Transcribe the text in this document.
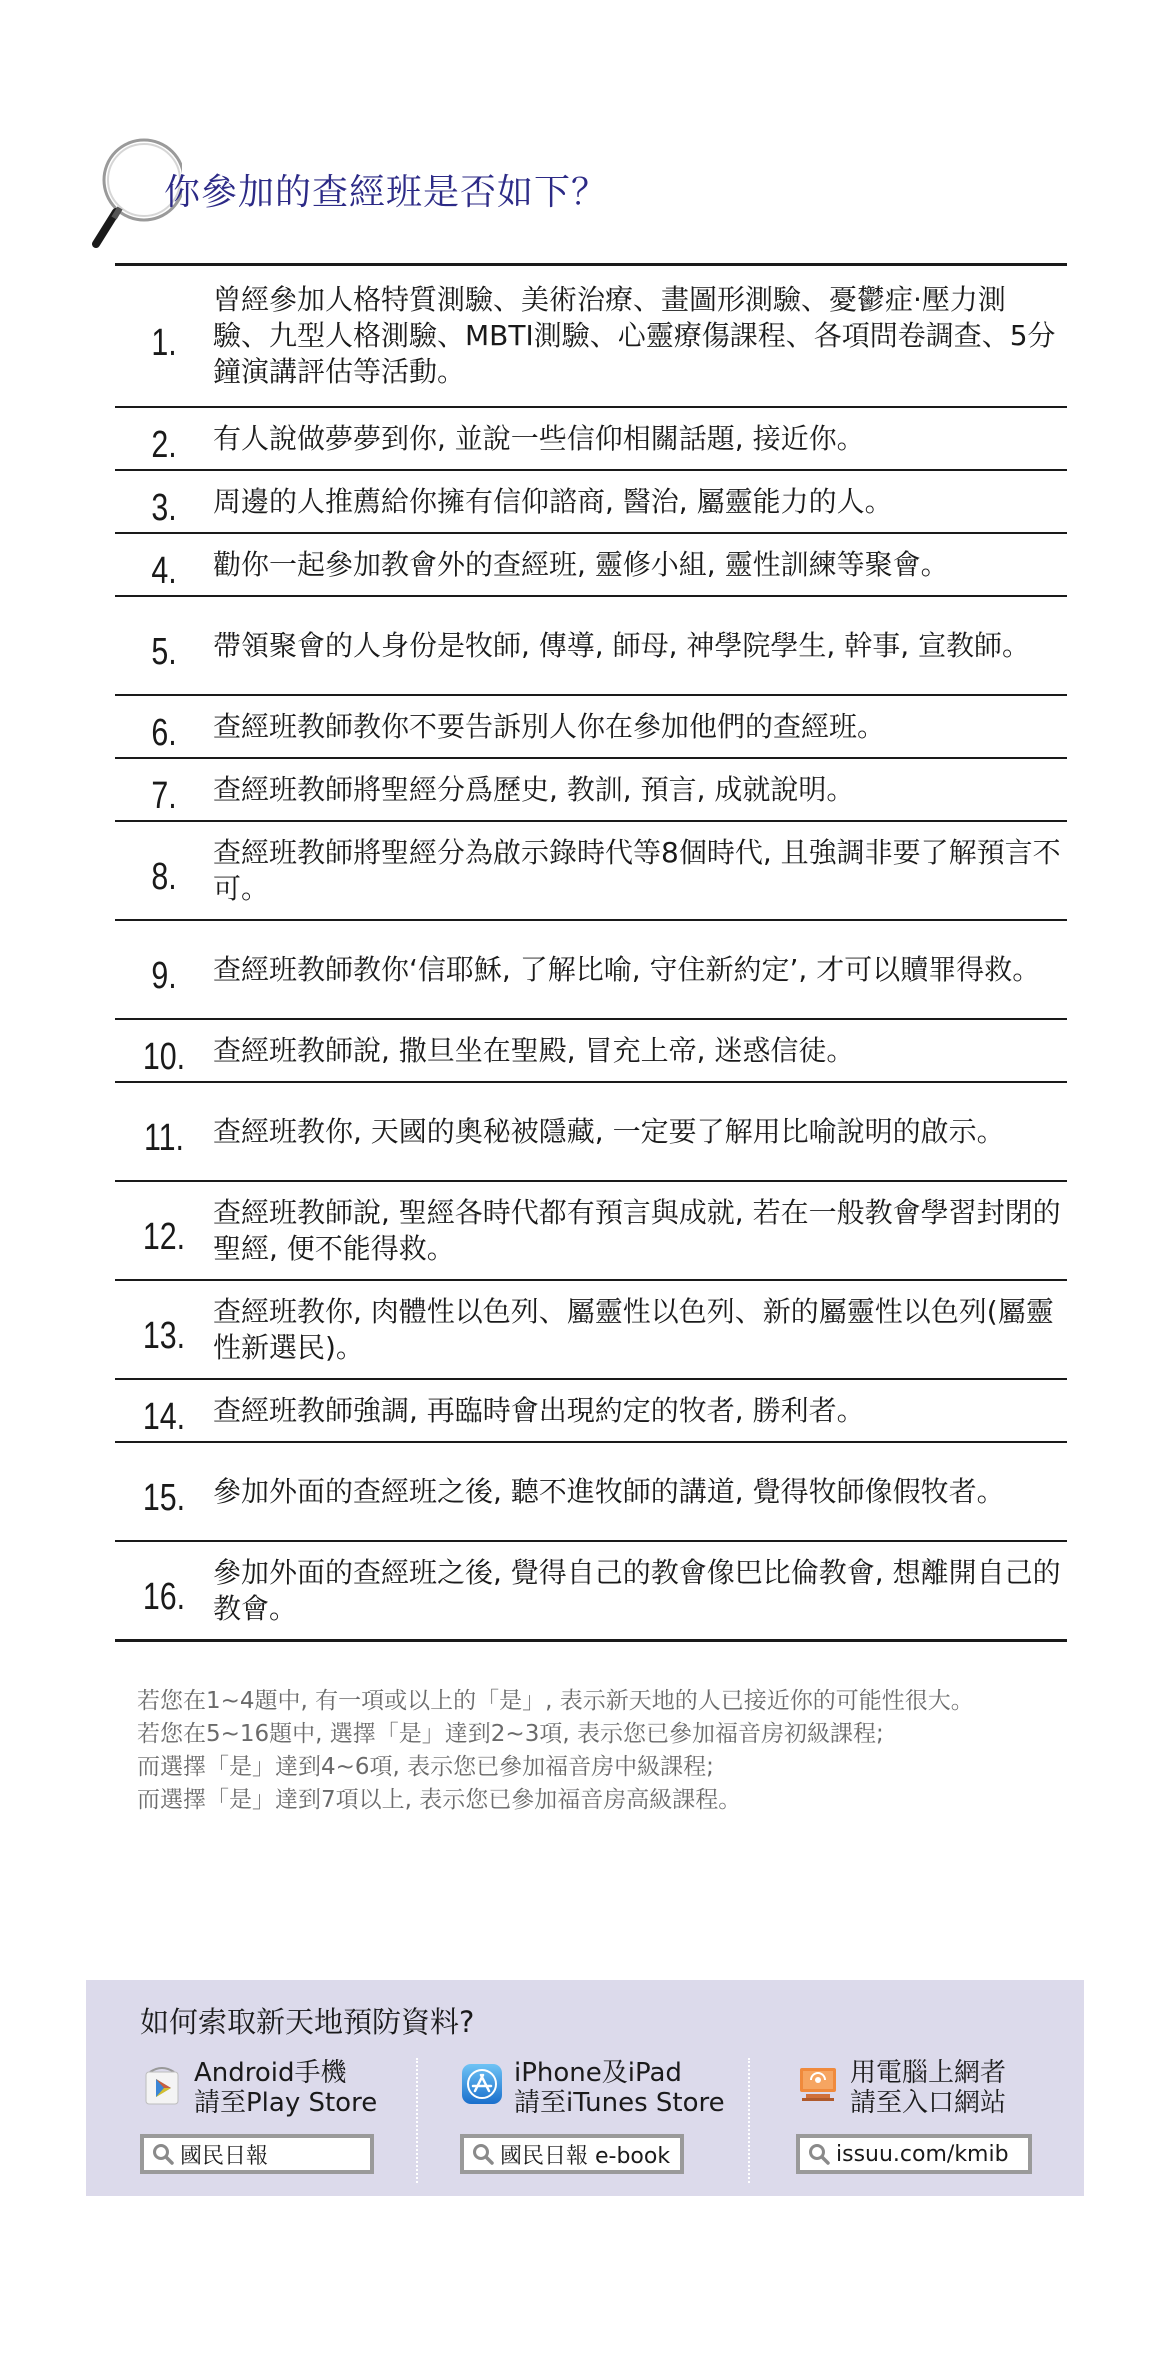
你參加的查經班是否如下？
1.
曾經參加人格特質測驗、美術治療、畫圖形測驗、憂鬱症·壓力測驗、九型人格測驗、MBTI測驗、心靈療傷課程、各項問卷調查、5分鐘演講評估等活動。
2.	有人說做夢夢到你, 並說一些信仰相關話題, 接近你。
3.	周邊的人推薦給你擁有信仰諮商, 醫治, 屬靈能力的人。
4.	勸你一起參加教會外的查經班, 靈修小組, 靈性訓練等聚會。
5.	帶領聚會的人身份是牧師, 傳導, 師母, 神學院學生, 幹事, 宣教師。
6.	查經班教師教你不要告訴別人你在參加他們的查經班。
7.	查經班教師將聖經分爲歷史, 教訓, 預言, 成就說明。
8.
查經班教師將聖經分為啟示錄時代等8個時代, 且強調非要了解預言不可。
9.	查經班教師教你‘信耶穌, 了解比喻, 守住新約定’, 才可以贖罪得救。
10. 查經班教師說, 撒旦坐在聖殿, 冒充上帝, 迷惑信徒。
11.	查經班教你, 天國的奧秘被隱藏, 一定要了解用比喻說明的啟示。
12.
查經班教師說, 聖經各時代都有預言與成就, 若在一般教會學習封閉的聖經, 便不能得救。
13.
查經班教你, 肉體性以色列、屬靈性以色列、新的屬靈性以色列(屬靈性新選民)。
14. 查經班教師強調, 再臨時會出現約定的牧者, 勝利者。
15. 參加外面的查經班之後, 聽不進牧師的講道, 覺得牧師像假牧者。
16.
參加外面的查經班之後, 覺得自己的教會像巴比倫教會, 想離開自己的教會。
若您在1~4題中, 有一項或以上的「是」, 表示新天地的人已接近你的可能性很大。
若您在5~16題中, 選擇「是」達到2~3項, 表示您已參加福音房初級課程;
而選擇「是」達到4~6項, 表示您已參加福音房中級課程;
而選擇「是」達到7項以上, 表示您已參加福音房高級課程。
如何索取新天地預防資料?
Android手機
請至Play Store
國民日報
iPhone及iPad
請至iTunes Store
國民日報 e-book
用電腦上網者
請至入口網站
issuu.com/kmib
